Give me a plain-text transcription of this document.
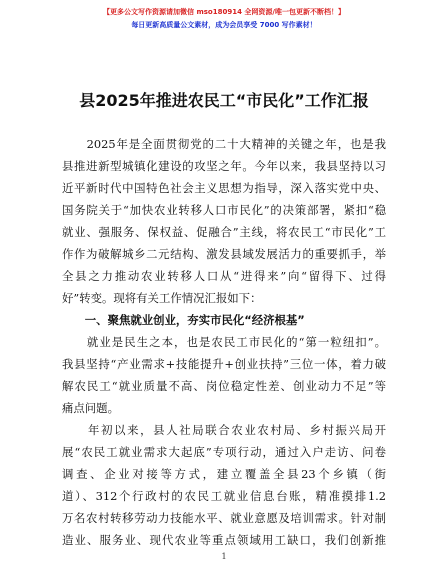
【更多公文写作资源请加微信 mso180914 全网资源/唯一包更新不断档！】
每日更新高质量公文素材，成为会员享受 7000 写作素材！
县2025年推进农民工“市民化”工作汇报
　　2025年是全面贯彻党的二十大精神的关键之年，也是我
县推进新型城镇化建设的攻坚之年。今年以来，我县坚持以习
近平新时代中国特色社会主义思想为指导，深入落实党中央、
国务院关于“加快农业转移人口市民化”的决策部署，紧扣“稳
就业、强服务、保权益、促融合”主线，将农民工“市民化”工
作作为破解城乡二元结构、激发县域发展活力的重要抓手，举
全县之力推动农业转移人口从“进得来”向“留得下、过得
好”转变。现将有关工作情况汇报如下：
　　一、聚焦就业创业，夯实市民化“经济根基”
　　就业是民生之本，也是农民工市民化的“第一粒纽扣”。
我县坚持“产业需求+技能提升+创业扶持”三位一体，着力破
解农民工“就业质量不高、岗位稳定性差、创业动力不足”等
痛点问题。
　　年初以来，县人社局联合农业农村局、乡村振兴局开
展“农民工就业需求大起底”专项行动，通过入户走访、问卷
调查、企业对接等方式，建立覆盖全县23个乡镇（街
道）、312个行政村的农民工就业信息台账，精准摸排1.2
万名农村转移劳动力技能水平、就业意愿及培训需求。针对制
造业、服务业、现代农业等重点领域用工缺口，我们创新推
1
